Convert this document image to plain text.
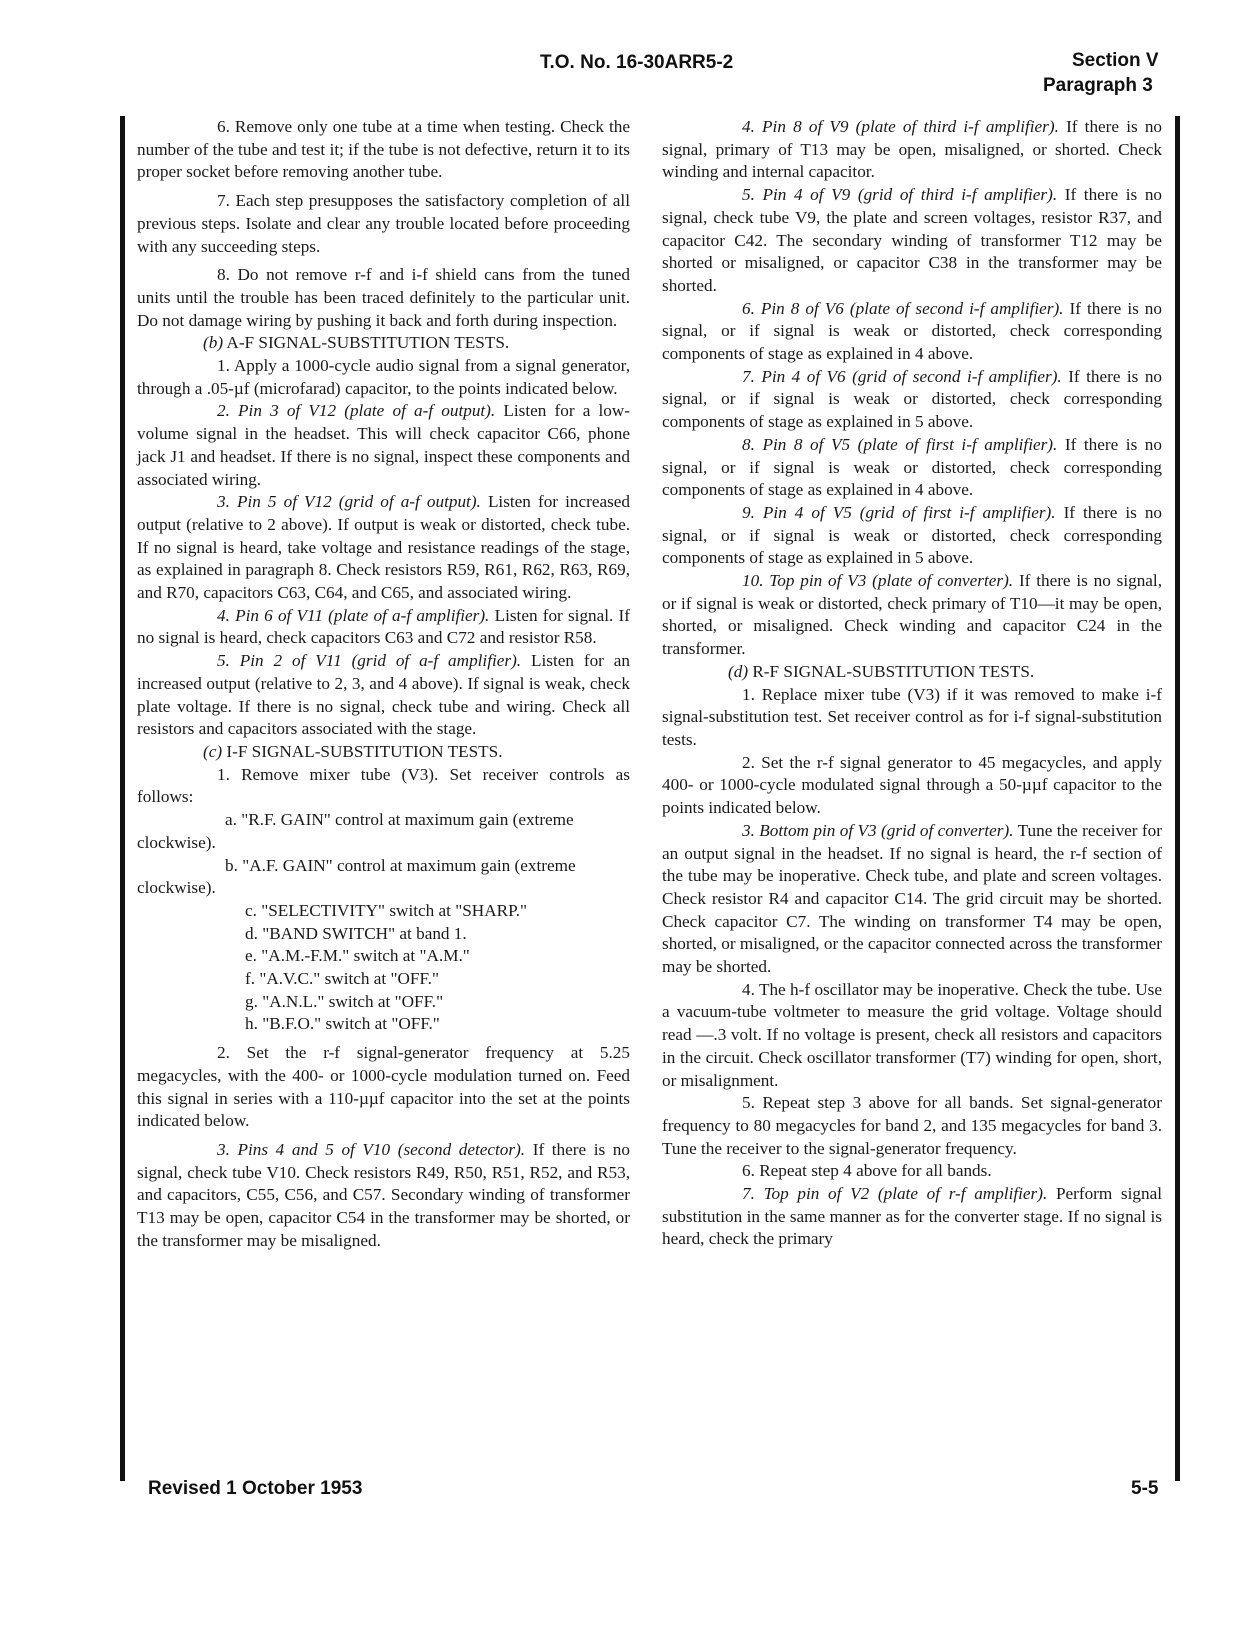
T.O. No. 16-30ARR5-2	Section V
Paragraph 3

6. Remove only one tube at a time when testing. Check the number of the tube and test it; if the tube is not defective, return it to its proper socket before removing another tube.

7. Each step presupposes the satisfactory completion of all previous steps. Isolate and clear any trouble located before proceeding with any succeeding steps.

8. Do not remove r-f and i-f shield cans from the tuned units until the trouble has been traced definitely to the particular unit. Do not damage wiring by pushing it back and forth during inspection.

(b) A-F SIGNAL-SUBSTITUTION TESTS.

1. Apply a 1000-cycle audio signal from a signal generator, through a .05-µf (microfarad) capacitor, to the points indicated below.

2. Pin 3 of V12 (plate of a-f output). Listen for a low-volume signal in the headset. This will check capacitor C66, phone jack J1 and headset. If there is no signal, inspect these components and associated wiring.

3. Pin 5 of V12 (grid of a-f output). Listen for increased output (relative to 2 above). If output is weak or distorted, check tube. If no signal is heard, take voltage and resistance readings of the stage, as explained in paragraph 8. Check resistors R59, R61, R62, R63, R69, and R70, capacitors C63, C64, and C65, and associated wiring.

4. Pin 6 of V11 (plate of a-f amplifier). Listen for signal. If no signal is heard, check capacitors C63 and C72 and resistor R58.

5. Pin 2 of V11 (grid of a-f amplifier). Listen for an increased output (relative to 2, 3, and 4 above). If signal is weak, check plate voltage. If there is no signal, check tube and wiring. Check all resistors and capacitors associated with the stage.

(c) I-F SIGNAL-SUBSTITUTION TESTS.

1. Remove mixer tube (V3). Set receiver controls as follows:

a. "R.F. GAIN" control at maximum gain (extreme clockwise).

b. "A.F. GAIN" control at maximum gain (extreme clockwise).

c. "SELECTIVITY" switch at "SHARP."

d. "BAND SWITCH" at band 1.

e. "A.M.-F.M." switch at "A.M."

f. "A.V.C." switch at "OFF."

g. "A.N.L." switch at "OFF."

h. "B.F.O." switch at "OFF."

2. Set the r-f signal-generator frequency at 5.25 megacycles, with the 400- or 1000-cycle modulation turned on. Feed this signal in series with a 110-µµf capacitor into the set at the points indicated below.

3. Pins 4 and 5 of V10 (second detector). If there is no signal, check tube V10. Check resistors R49, R50, R51, R52, and R53, and capacitors, C55, C56, and C57. Secondary winding of transformer T13 may be open, capacitor C54 in the transformer may be shorted, or the transformer may be misaligned.

4. Pin 8 of V9 (plate of third i-f amplifier). If there is no signal, primary of T13 may be open, misaligned, or shorted. Check winding and internal capacitor.

5. Pin 4 of V9 (grid of third i-f amplifier). If there is no signal, check tube V9, the plate and screen voltages, resistor R37, and capacitor C42. The secondary winding of transformer T12 may be shorted or misaligned, or capacitor C38 in the transformer may be shorted.

6. Pin 8 of V6 (plate of second i-f amplifier). If there is no signal, or if signal is weak or distorted, check corresponding components of stage as explained in 4 above.

7. Pin 4 of V6 (grid of second i-f amplifier). If there is no signal, or if signal is weak or distorted, check corresponding components of stage as explained in 5 above.

8. Pin 8 of V5 (plate of first i-f amplifier). If there is no signal, or if signal is weak or distorted, check corresponding components of stage as explained in 4 above.

9. Pin 4 of V5 (grid of first i-f amplifier). If there is no signal, or if signal is weak or distorted, check corresponding components of stage as explained in 5 above.

10. Top pin of V3 (plate of converter). If there is no signal, or if signal is weak or distorted, check primary of T10—it may be open, shorted, or misaligned. Check winding and capacitor C24 in the transformer.

(d) R-F SIGNAL-SUBSTITUTION TESTS.

1. Replace mixer tube (V3) if it was removed to make i-f signal-substitution test. Set receiver control as for i-f signal-substitution tests.

2. Set the r-f signal generator to 45 megacycles, and apply 400- or 1000-cycle modulated signal through a 50-µµf capacitor to the points indicated below.

3. Bottom pin of V3 (grid of converter). Tune the receiver for an output signal in the headset. If no signal is heard, the r-f section of the tube may be inoperative. Check tube, and plate and screen voltages. Check resistor R4 and capacitor C14. The grid circuit may be shorted. Check capacitor C7. The winding on transformer T4 may be open, shorted, or misaligned, or the capacitor connected across the transformer may be shorted.

4. The h-f oscillator may be inoperative. Check the tube. Use a vacuum-tube voltmeter to measure the grid voltage. Voltage should read —.3 volt. If no voltage is present, check all resistors and capacitors in the circuit. Check oscillator transformer (T7) winding for open, short, or misalignment.

5. Repeat step 3 above for all bands. Set signal-generator frequency to 80 megacycles for band 2, and 135 megacycles for band 3. Tune the receiver to the signal-generator frequency.

6. Repeat step 4 above for all bands.

7. Top pin of V2 (plate of r-f amplifier). Perform signal substitution in the same manner as for the converter stage. If no signal is heard, check the primary

Revised 1 October 1953	5-5
